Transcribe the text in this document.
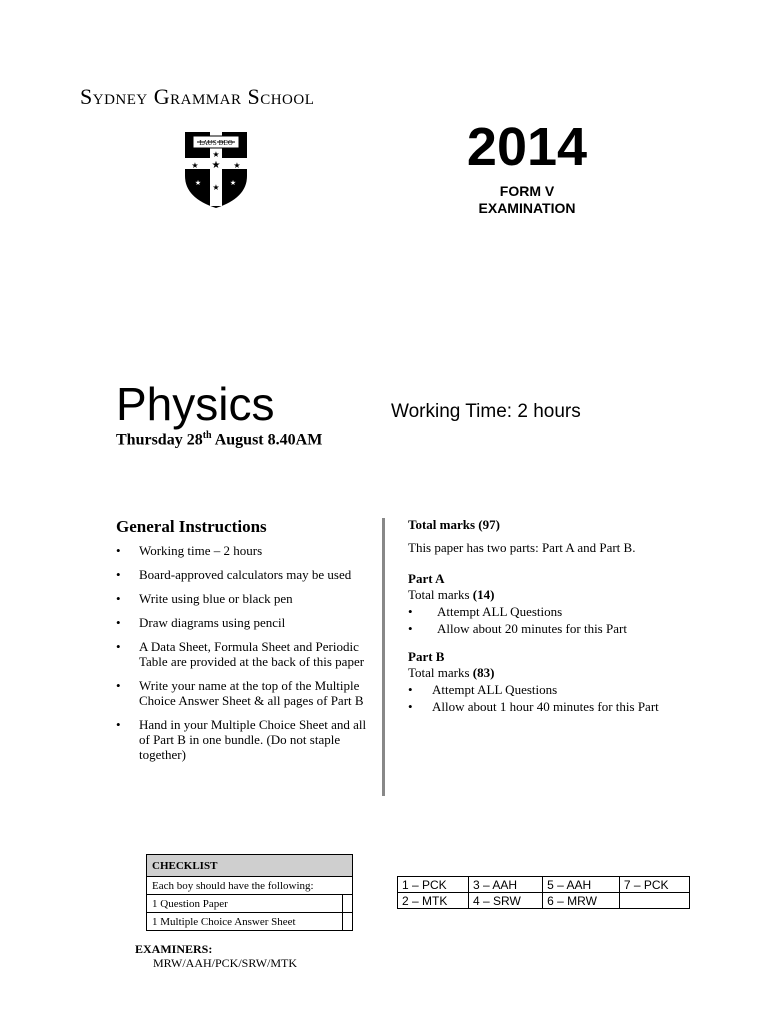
Sydney Grammar School
LAUS DEO
★
★	★
★
★
★	★
2014
FORM V
EXAMINATION
Physics	Working Time: 2 hours
Thursday 28th August 8.40AM
General Instructions
• Working time – 2 hours
• Board-approved calculators may be used
• Write using blue or black pen
• Draw diagrams using pencil
• A Data Sheet, Formula Sheet and Periodic Table are provided at the back of this paper
• Write your name at the top of the Multiple Choice Answer Sheet & all pages of Part B
• Hand in your Multiple Choice Sheet and all of Part B in one bundle. (Do not staple together)
Total marks (97)
This paper has two parts: Part A and Part B.
Part A
Total marks (14)
• Attempt ALL Questions
• Allow about 20 minutes for this Part
Part B
Total marks (83)
• Attempt ALL Questions
• Allow about 1 hour 40 minutes for this Part
CHECKLIST	
Each boy should have the following:	
1 Question Paper	
1 Multiple Choice Answer Sheet	
1 – PCK	3 – AAH	5 – AAH	7 – PCK
2 – MTK	4 – SRW	6 – MRW	
EXAMINERS:
MRW/AAH/PCK/SRW/MTK
